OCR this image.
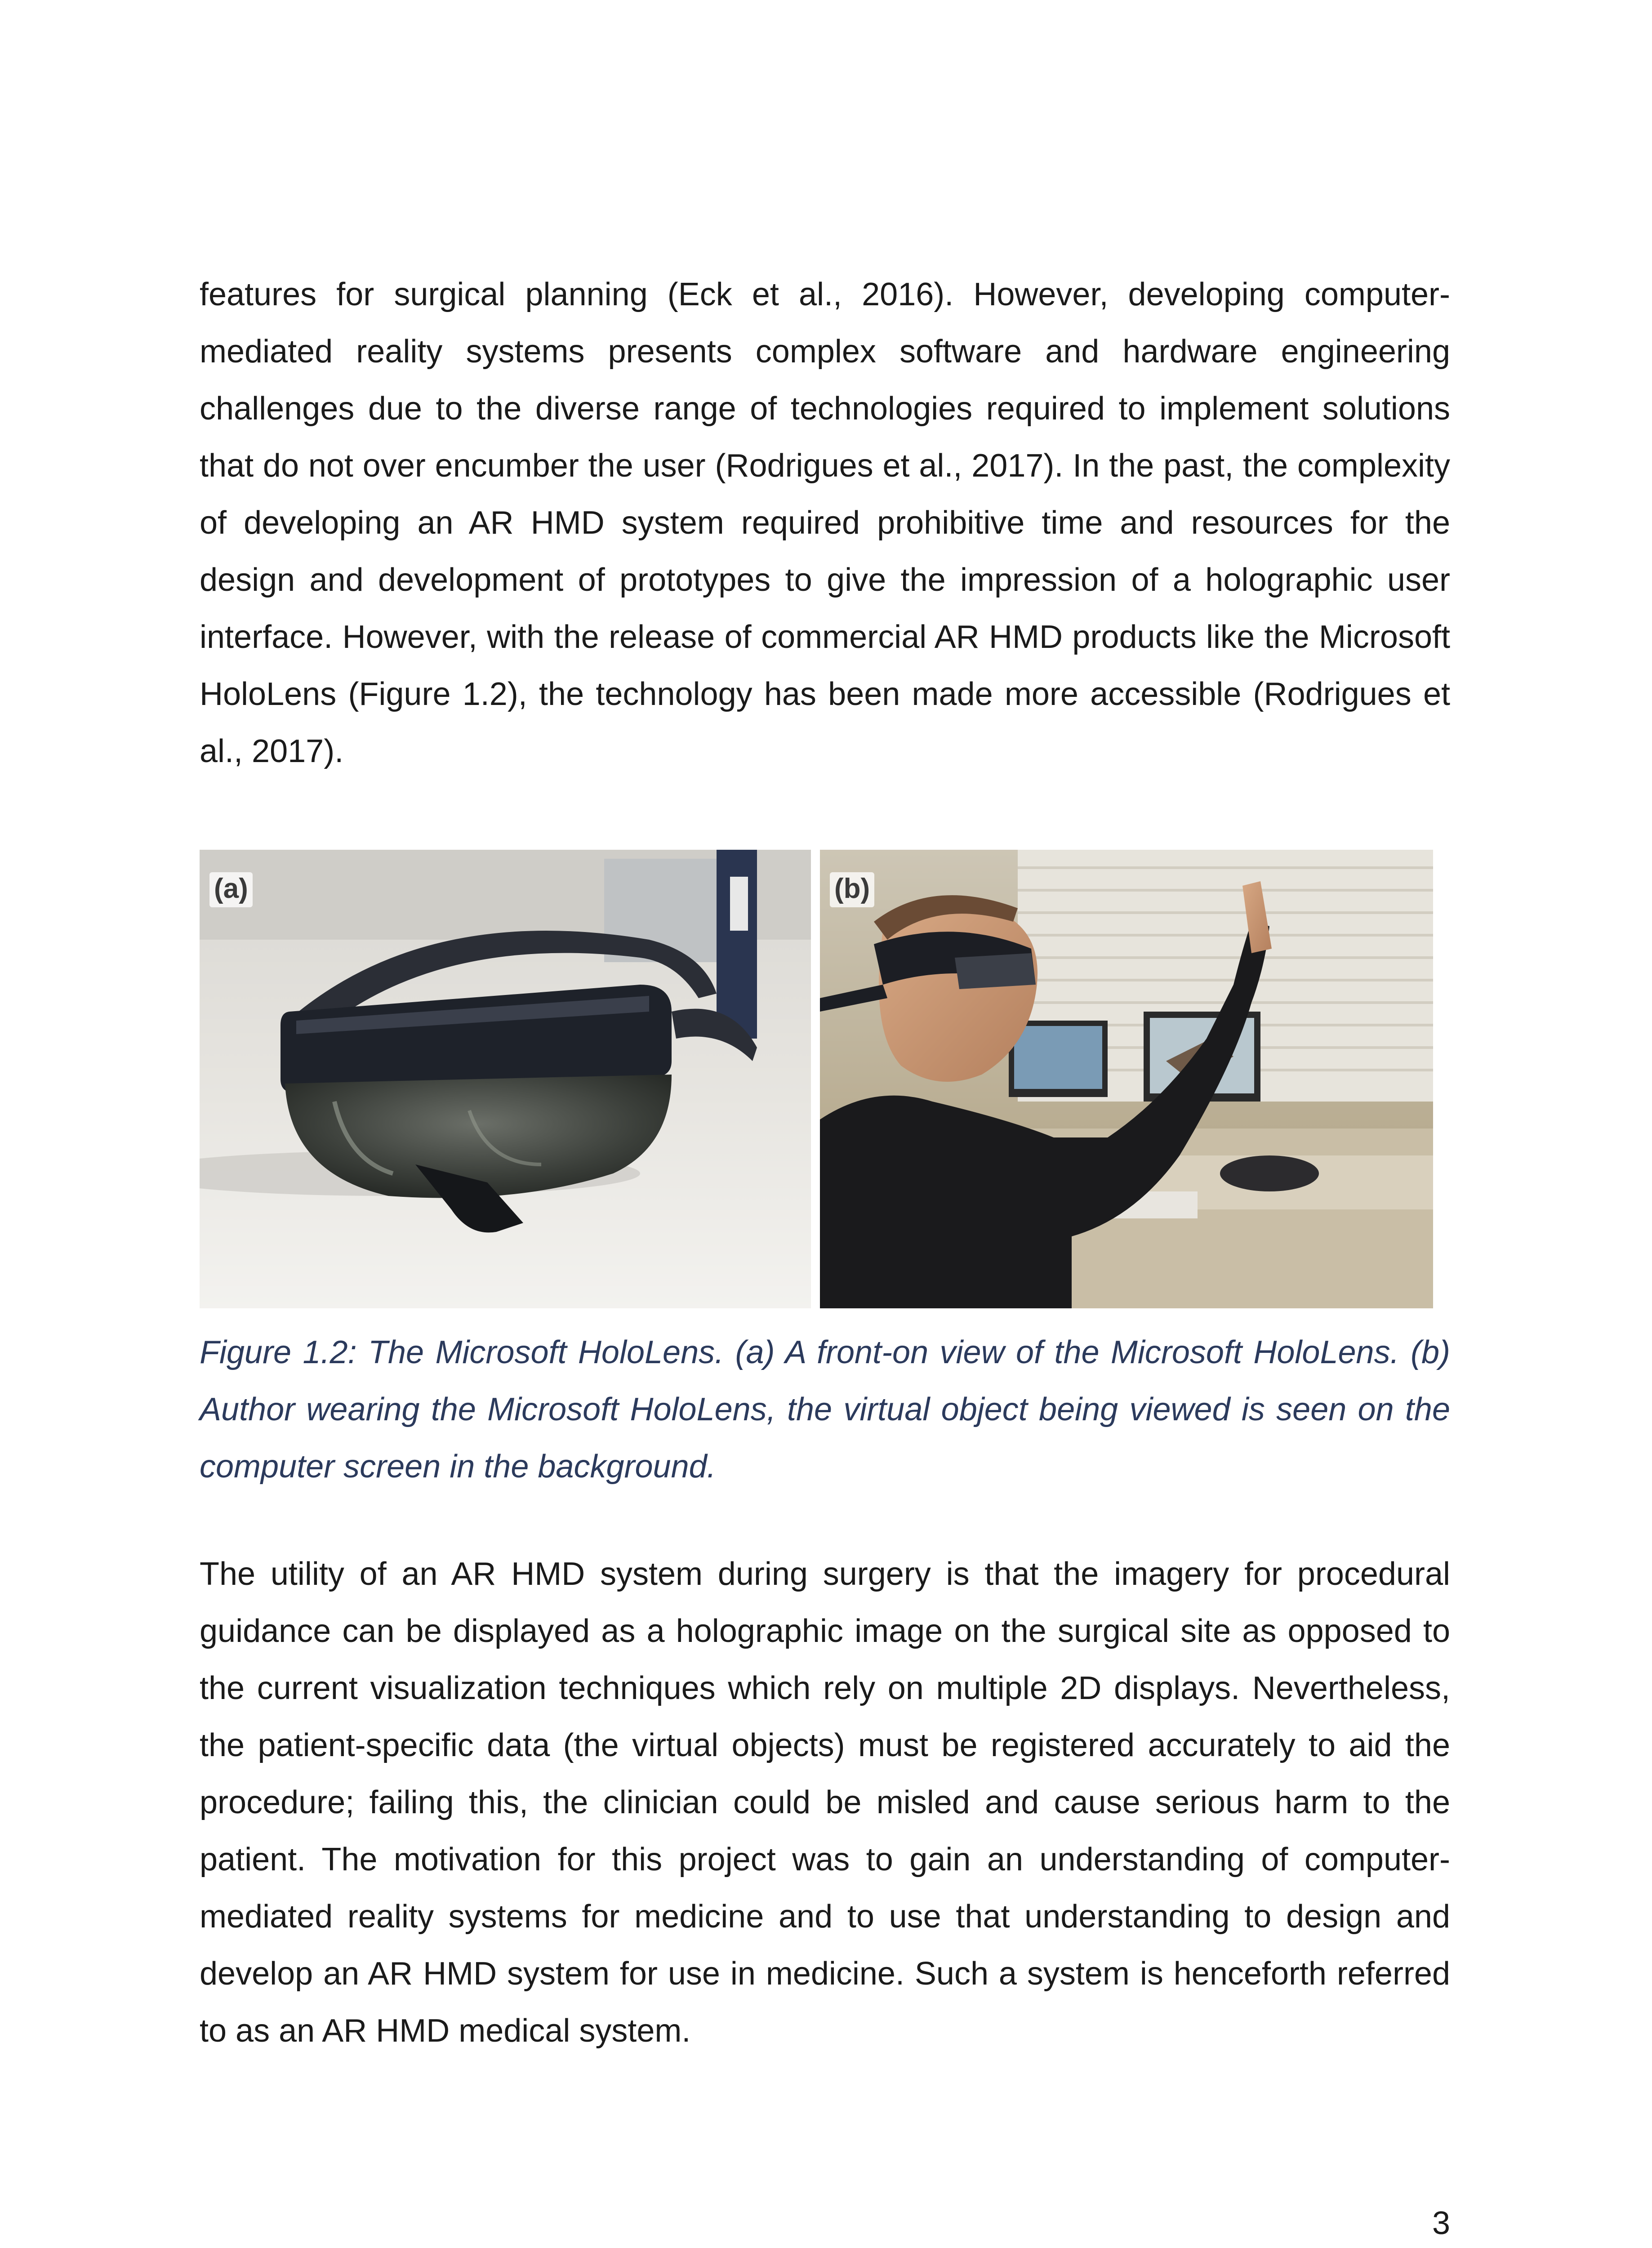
features for surgical planning (Eck et al., 2016). However, developing computer-mediated reality systems presents complex software and hardware engineering challenges due to the diverse range of technologies required to implement solutions that do not over encumber the user (Rodrigues et al., 2017). In the past, the complexity of developing an AR HMD system required prohibitive time and resources for the design and development of prototypes to give the impression of a holographic user interface. However, with the release of commercial AR HMD products like the Microsoft HoloLens (Figure 1.2), the technology has been made more accessible (Rodrigues et al., 2017).

(a)	(b)

Figure 1.2: The Microsoft HoloLens. (a) A front-on view of the Microsoft HoloLens. (b) Author wearing the Microsoft HoloLens, the virtual object being viewed is seen on the computer screen in the background.

The utility of an AR HMD system during surgery is that the imagery for procedural guidance can be displayed as a holographic image on the surgical site as opposed to the current visualization techniques which rely on multiple 2D displays. Nevertheless, the patient-specific data (the virtual objects) must be registered accurately to aid the procedure; failing this, the clinician could be misled and cause serious harm to the patient. The motivation for this project was to gain an understanding of computer-mediated reality systems for medicine and to use that understanding to design and develop an AR HMD system for use in medicine. Such a system is henceforth referred to as an AR HMD medical system.

3
